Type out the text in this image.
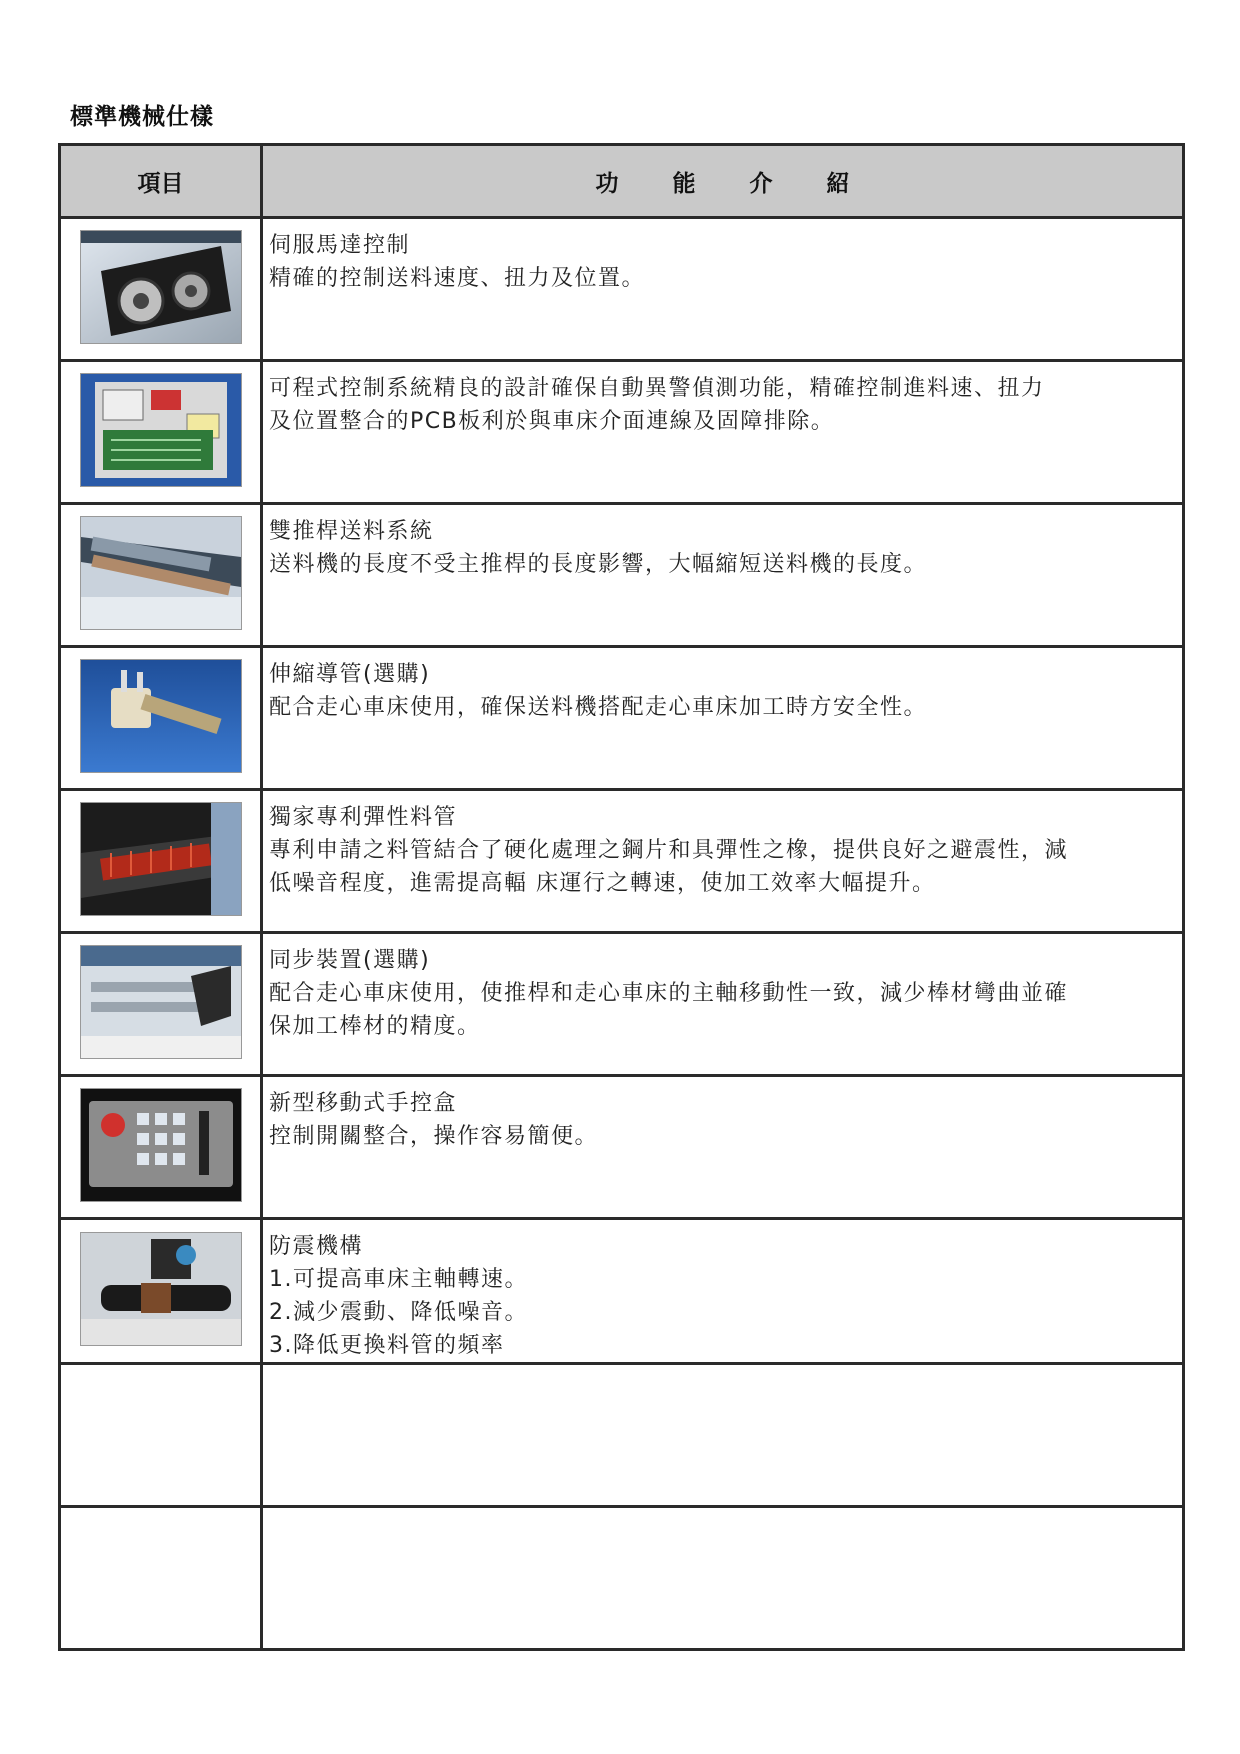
標準機械仕樣
項目	功能介紹

伺服馬達控制
精確的控制送料速度、扭力及位置。

可程式控制系統精良的設計確保自動異警偵測功能，精確控制進料速、扭力
及位置整合的PCB板利於與車床介面連線及固障排除。

雙推桿送料系統
送料機的長度不受主推桿的長度影響，大幅縮短送料機的長度。

伸縮導管(選購)
配合走心車床使用，確保送料機搭配走心車床加工時方安全性。

獨家專利彈性料管
專利申請之料管結合了硬化處理之鋼片和具彈性之橡，提供良好之避震性，減
低噪音程度，進需提高輻 床運行之轉速，使加工效率大幅提升。

同步裝置(選購)
配合走心車床使用，使推桿和走心車床的主軸移動性一致，減少棒材彎曲並確
保加工棒材的精度。

新型移動式手控盒
控制開關整合，操作容易簡便。

防震機構
1.可提高車床主軸轉速。
2.減少震動、降低噪音。
3.降低更換料管的頻率
